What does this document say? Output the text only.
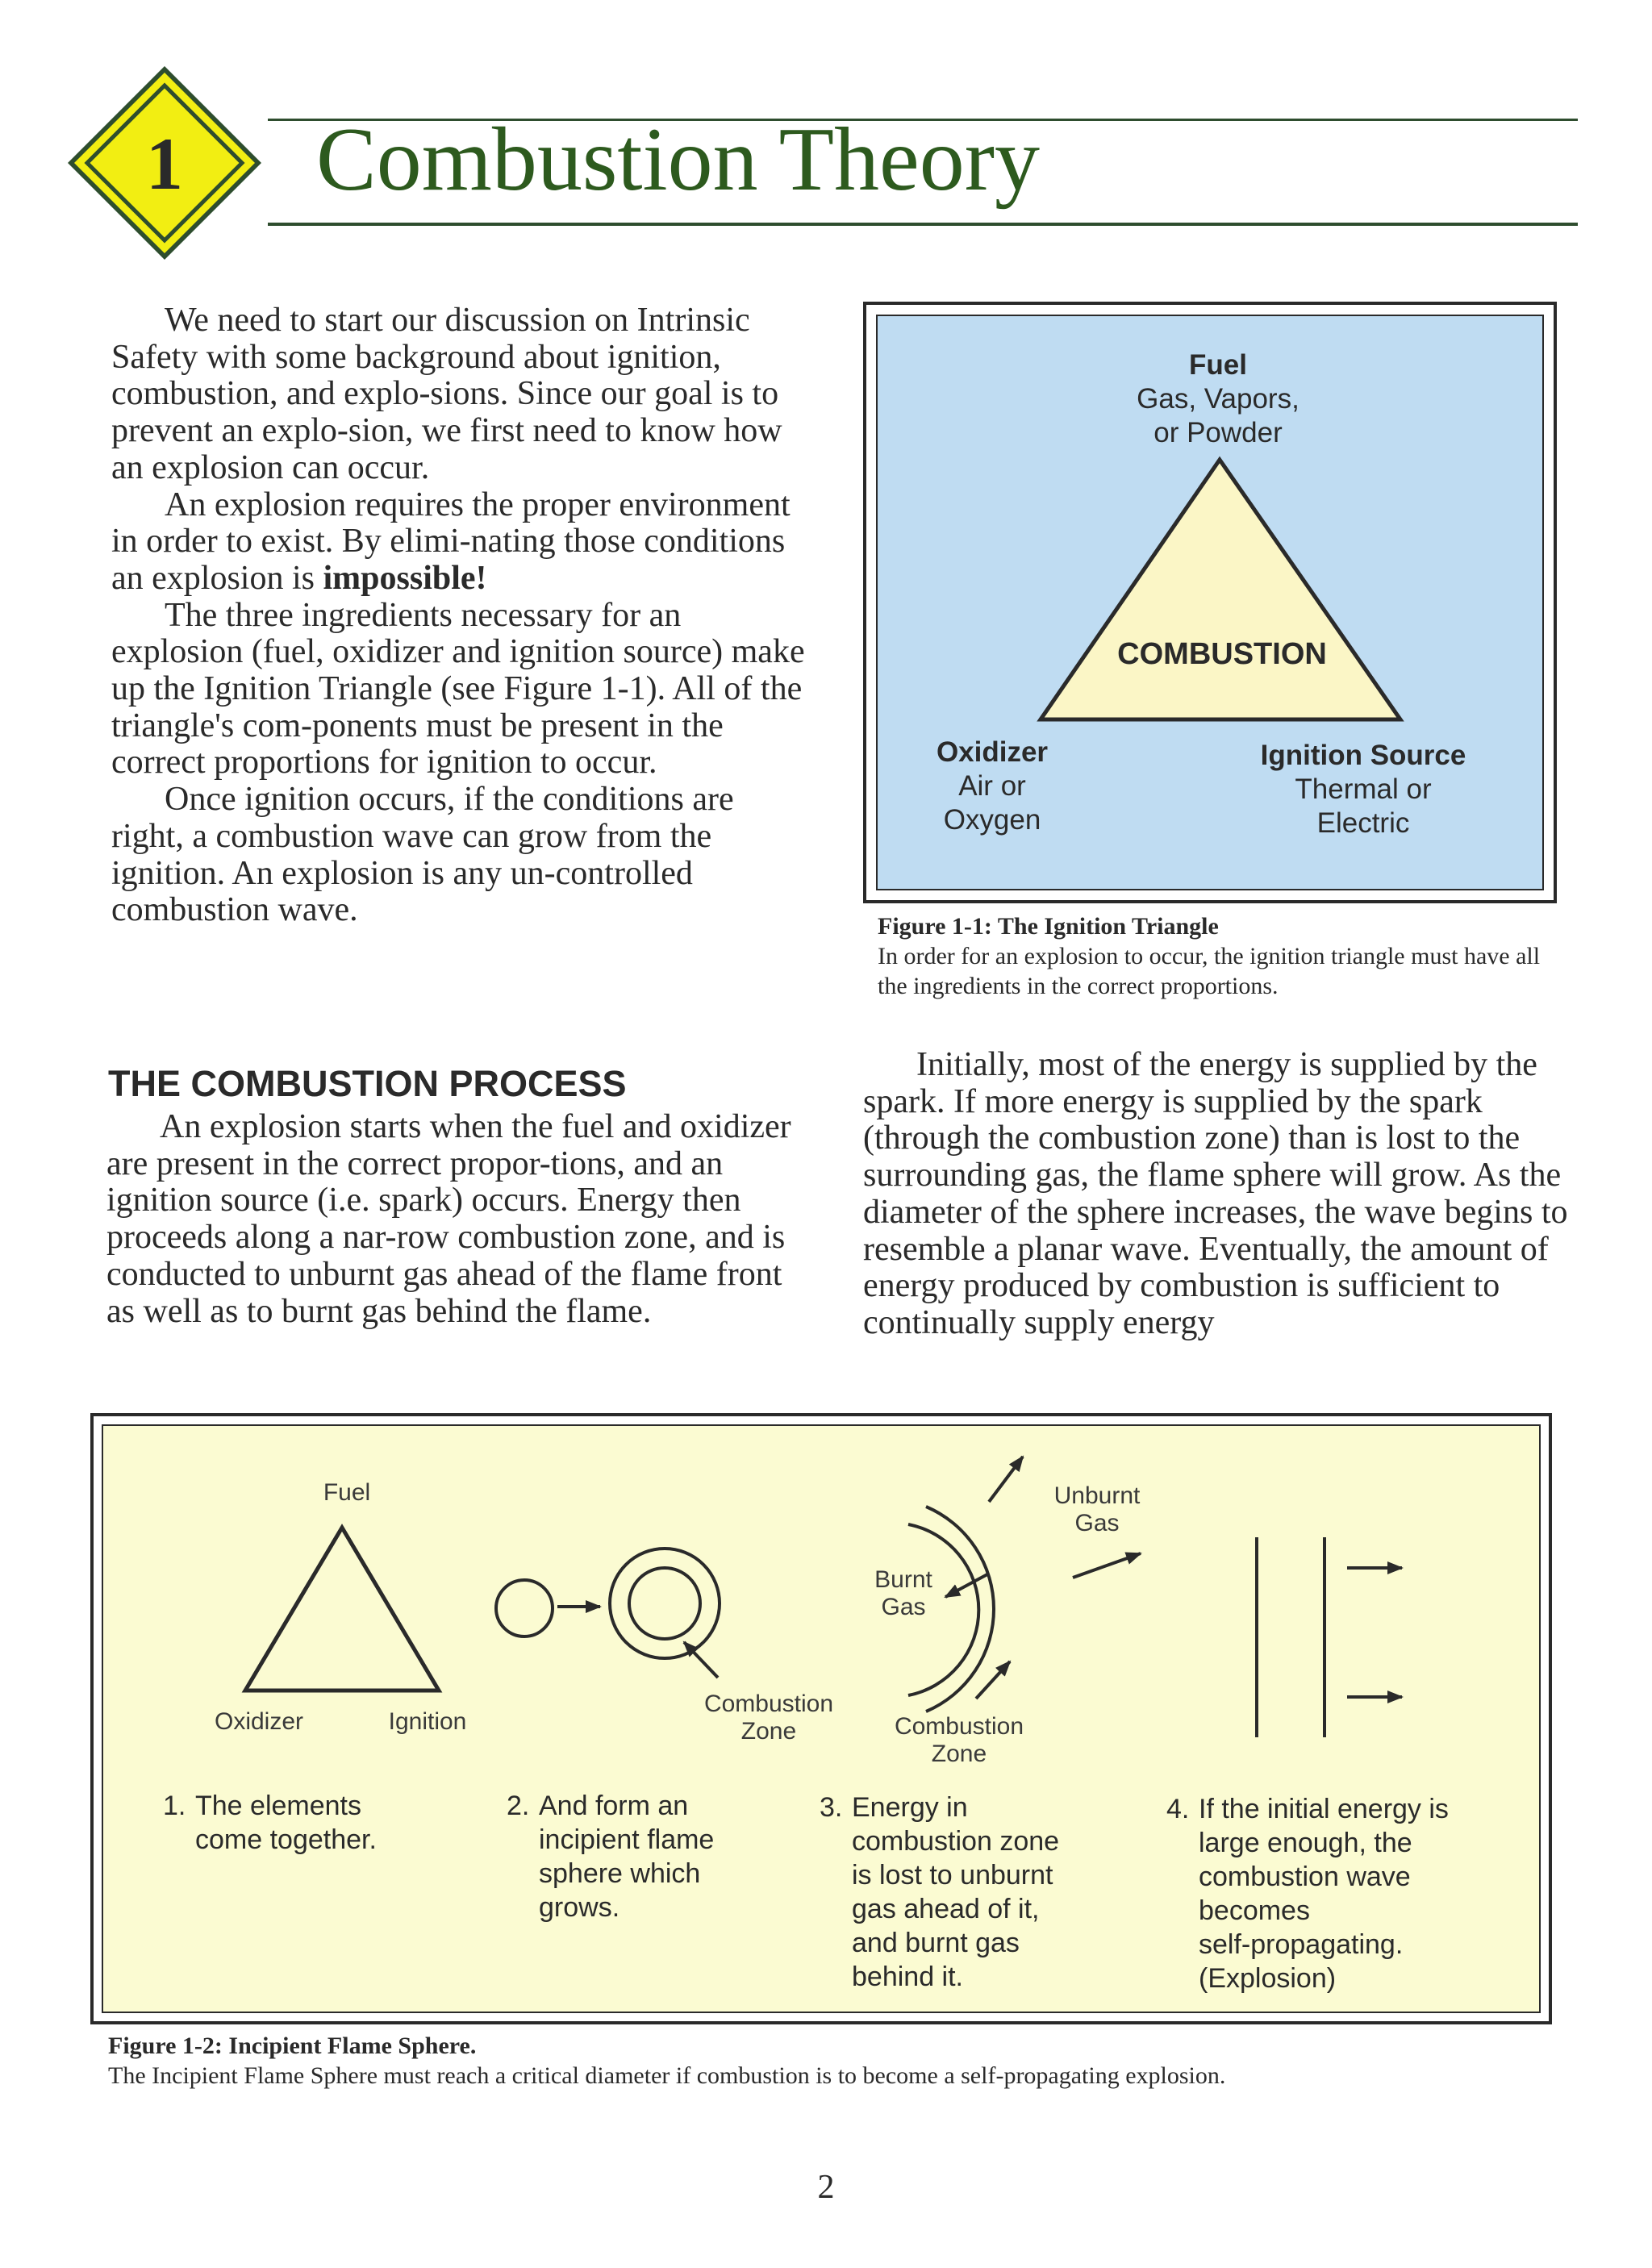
1 Combustion Theory

We need to start our discussion on Intrinsic Safety with some background about ignition, combustion, and explo-sions. Since our goal is to prevent an explo-sion, we first need to know how an explosion can occur.

An explosion requires the proper environment in order to exist. By elimi-nating those conditions an explosion is impossible!

The three ingredients necessary for an explosion (fuel, oxidizer and ignition source) make up the Ignition Triangle (see Figure 1-1). All of the triangle's com-ponents must be present in the correct proportions for ignition to occur.

Once ignition occurs, if the conditions are right, a combustion wave can grow from the ignition. An explosion is any un-controlled combustion wave.

THE COMBUSTION PROCESS

An explosion starts when the fuel and oxidizer are present in the correct propor-tions, and an ignition source (i.e. spark) occurs. Energy then proceeds along a nar-row combustion zone, and is conducted to unburnt gas ahead of the flame front as well as to burnt gas behind the flame.

Fuel
Gas, Vapors,
or Powder
COMBUSTION
Oxidizer
Air or
Oxygen
Ignition Source
Thermal or
Electric
Figure 1-1: The Ignition Triangle
In order for an explosion to occur, the ignition triangle must have all the ingredients in the correct proportions.

Initially, most of the energy is supplied by the spark. If more energy is supplied by the spark (through the combustion zone) than is lost to the surrounding gas, the flame sphere will grow. As the diameter of the sphere increases, the wave begins to resemble a planar wave. Eventually, the amount of energy produced by combustion is sufficient to continually supply energy

Fuel
Oxidizer	Ignition
Combustion
Zone
Burnt
Gas
Unburnt
Gas
Combustion
Zone
1. The elements
come together.
2. And form an
incipient flame
sphere which
grows.
3. Energy in
combustion zone
is lost to unburnt
gas ahead of it,
and burnt gas
behind it.
4. If the initial energy is
large enough, the
combustion wave
becomes
self-propagating.
(Explosion)
Figure 1-2: Incipient Flame Sphere.
The Incipient Flame Sphere must reach a critical diameter if combustion is to become a self-propagating explosion.
2
